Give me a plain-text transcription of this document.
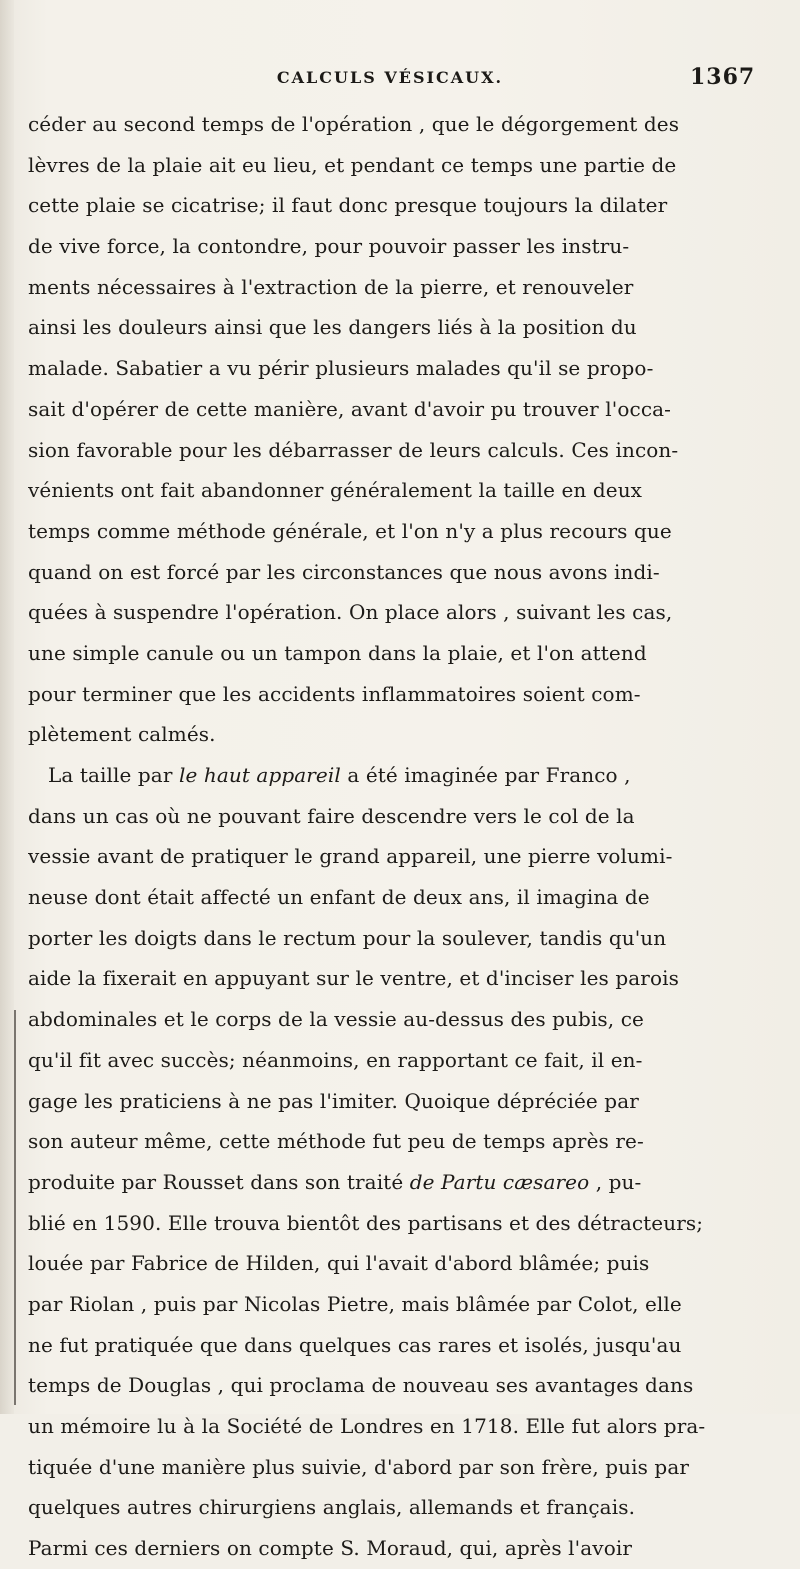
CALCULS VÉSICAUX.	1367
céder au second temps de l'opération , que le dégorgement des
lèvres de la plaie ait eu lieu, et pendant ce temps une partie de
cette plaie se cicatrise; il faut donc presque toujours la dilater
de vive force, la contondre, pour pouvoir passer les instru-
ments nécessaires à l'extraction de la pierre, et renouveler
ainsi les douleurs ainsi que les dangers liés à la position du
malade. Sabatier a vu périr plusieurs malades qu'il se propo-
sait d'opérer de cette manière, avant d'avoir pu trouver l'occa-
sion favorable pour les débarrasser de leurs calculs. Ces incon-
vénients ont fait abandonner généralement la taille en deux
temps comme méthode générale, et l'on n'y a plus recours que
quand on est forcé par les circonstances que nous avons indi-
quées à suspendre l'opération. On place alors , suivant les cas,
une simple canule ou un tampon dans la plaie, et l'on attend
pour terminer que les accidents inflammatoires soient com-
plètement calmés.
La taille par le haut appareil a été imaginée par Franco ,
dans un cas où ne pouvant faire descendre vers le col de la
vessie avant de pratiquer le grand appareil, une pierre volumi-
neuse dont était affecté un enfant de deux ans, il imagina de
porter les doigts dans le rectum pour la soulever, tandis qu'un
aide la fixerait en appuyant sur le ventre, et d'inciser les parois
abdominales et le corps de la vessie au-dessus des pubis, ce
qu'il fit avec succès; néanmoins, en rapportant ce fait, il en-
gage les praticiens à ne pas l'imiter. Quoique dépréciée par
son auteur même, cette méthode fut peu de temps après re-
produite par Rousset dans son traité de Partu cæsareo , pu-
blié en 1590. Elle trouva bientôt des partisans et des détracteurs;
louée par Fabrice de Hilden, qui l'avait d'abord blâmée; puis
par Riolan , puis par Nicolas Pietre, mais blâmée par Colot, elle
ne fut pratiquée que dans quelques cas rares et isolés, jusqu'au
temps de Douglas , qui proclama de nouveau ses avantages dans
un mémoire lu à la Société de Londres en 1718. Elle fut alors pra-
tiquée d'une manière plus suivie, d'abord par son frère, puis par
quelques autres chirurgiens anglais, allemands et français.
Parmi ces derniers on compte S. Moraud, qui, après l'avoir
